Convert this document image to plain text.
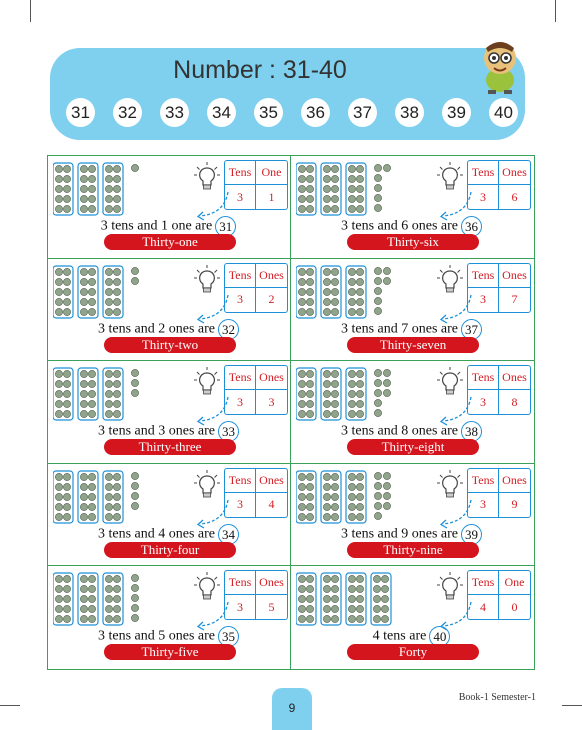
Number : 31-40
31 32 33 34 35 36 37 38 39 40
Tens One
3	1
3 tens and 1 one are 31
Thirty-one
Tens Ones
3	6
3 tens and 6 ones are 36
Thirty-six
Tens Ones
3	2
3 tens and 2 ones are 32
Thirty-two
Tens Ones
3	7
3 tens and 7 ones are 37
Thirty-seven
Tens Ones
3	3
3 tens and 3 ones are 33
Thirty-three
Tens Ones
3	8
3 tens and 8 ones are 38
Thirty-eight
Tens Ones
3	4
3 tens and 4 ones are 34
Thirty-four
Tens Ones
3	9
3 tens and 9 ones are 39
Thirty-nine
Tens Ones
3	5
3 tens and 5 ones are 35
Thirty-five
Tens One
4	0
4 tens are 40
Forty
9
Book-1 Semester-1
